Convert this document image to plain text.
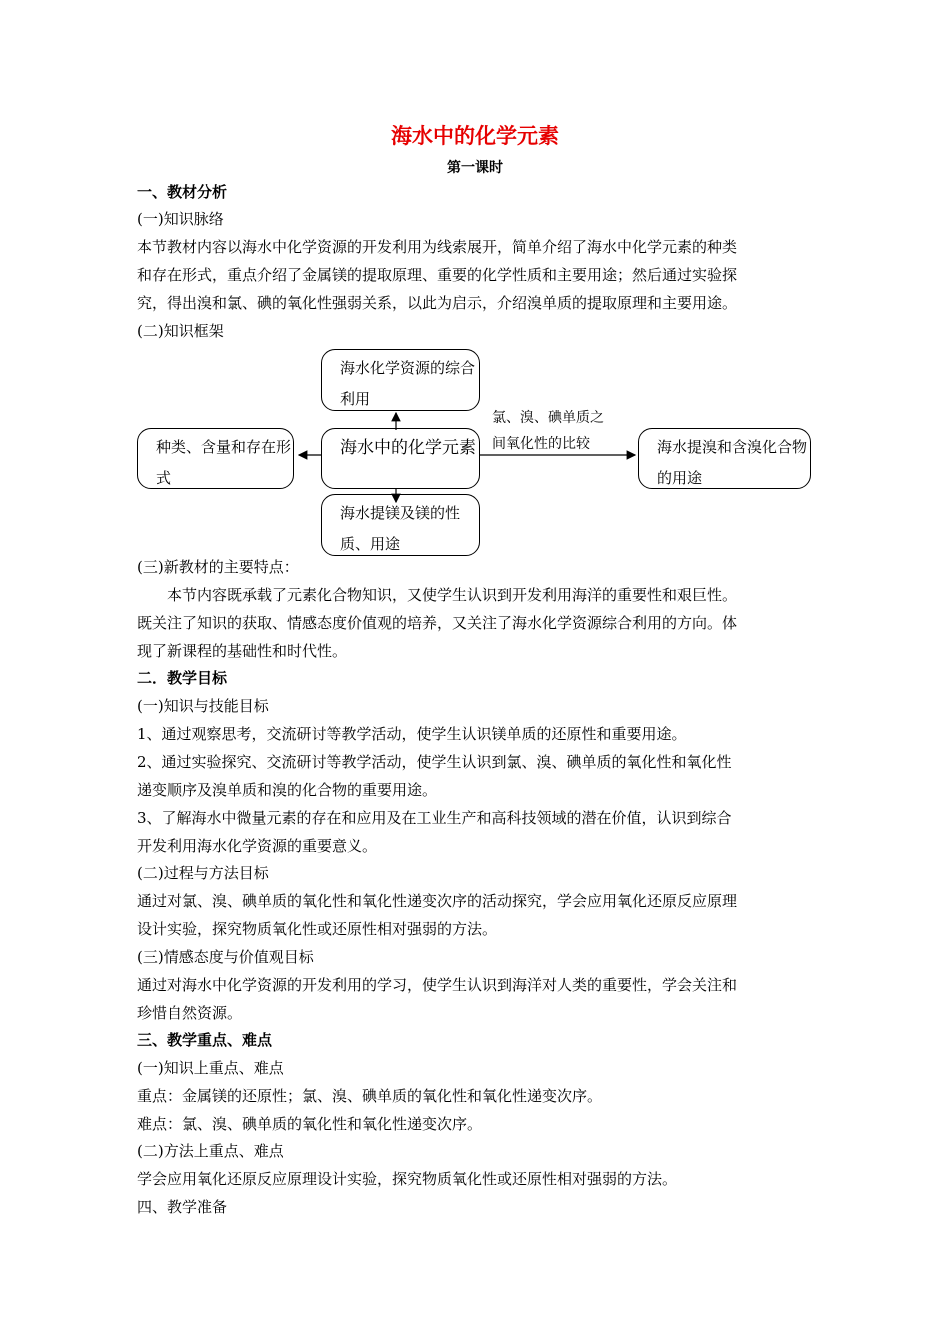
海水中的化学元素
第一课时
一、教材分析
(一)知识脉络
本节教材内容以海水中化学资源的开发利用为线索展开，简单介绍了海水中化学元素的种类
和存在形式，重点介绍了金属镁的提取原理、重要的化学性质和主要用途；然后通过实验探
究，得出溴和氯、碘的氧化性强弱关系，以此为启示，介绍溴单质的提取原理和主要用途。
(二)知识框架
海水化学资源的综合利用
种类、含量和存在形式
海水中的化学元素	海水提溴和含溴化合物的用途
海水提镁及镁的性质、用途
氯、溴、碘单质之
间氧化性的比较
(三)新教材的主要特点：
本节内容既承载了元素化合物知识，又使学生认识到开发利用海洋的重要性和艰巨性。
既关注了知识的获取、情感态度价值观的培养，又关注了海水化学资源综合利用的方向。体
现了新课程的基础性和时代性。
二．教学目标
(一)知识与技能目标
1、通过观察思考，交流研讨等教学活动，使学生认识镁单质的还原性和重要用途。
2、通过实验探究、交流研讨等教学活动，使学生认识到氯、溴、碘单质的氧化性和氧化性
递变顺序及溴单质和溴的化合物的重要用途。
3、了解海水中微量元素的存在和应用及在工业生产和高科技领域的潜在价值，认识到综合
开发利用海水化学资源的重要意义。
(二)过程与方法目标
通过对氯、溴、碘单质的氧化性和氧化性递变次序的活动探究，学会应用氧化还原反应原理
设计实验，探究物质氧化性或还原性相对强弱的方法。
(三)情感态度与价值观目标
通过对海水中化学资源的开发利用的学习，使学生认识到海洋对人类的重要性，学会关注和
珍惜自然资源。
三、教学重点、难点
(一)知识上重点、难点
重点：金属镁的还原性；氯、溴、碘单质的氧化性和氧化性递变次序。
难点：氯、溴、碘单质的氧化性和氧化性递变次序。
(二)方法上重点、难点
学会应用氧化还原反应原理设计实验，探究物质氧化性或还原性相对强弱的方法。
四、教学准备
